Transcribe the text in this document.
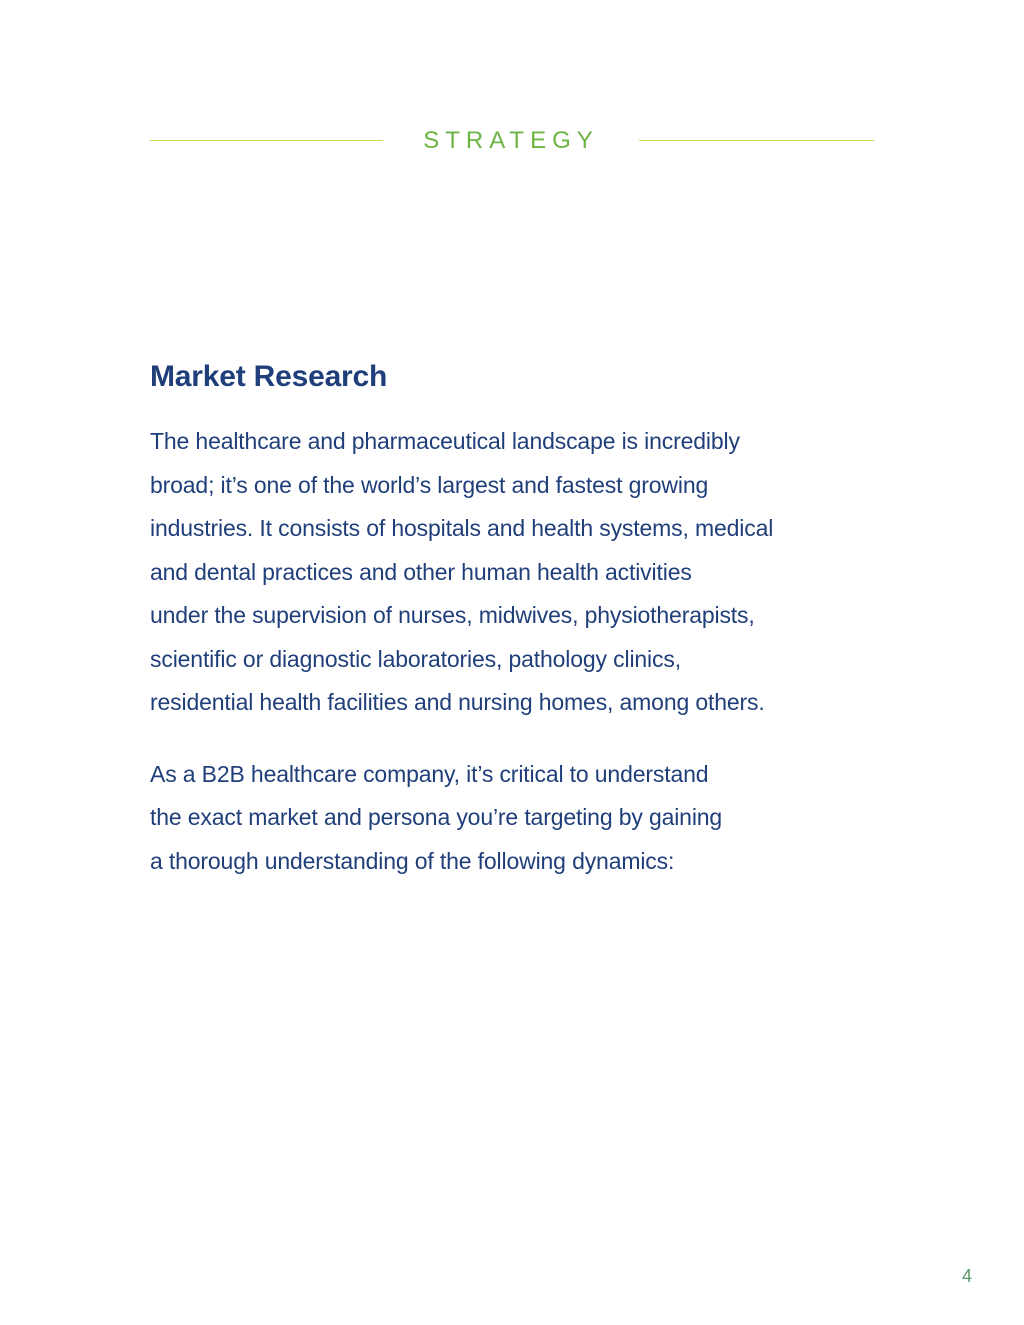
STRATEGY
Market Research

The healthcare and pharmaceutical landscape is incredibly
broad; it’s one of the world’s largest and fastest growing
industries. It consists of hospitals and health systems, medical
and dental practices and other human health activities
under the supervision of nurses, midwives, physiotherapists,
scientific or diagnostic laboratories, pathology clinics,
residential health facilities and nursing homes, among others.

As a B2B healthcare company, it’s critical to understand
the exact market and persona you’re targeting by gaining
a thorough understanding of the following dynamics:

4
